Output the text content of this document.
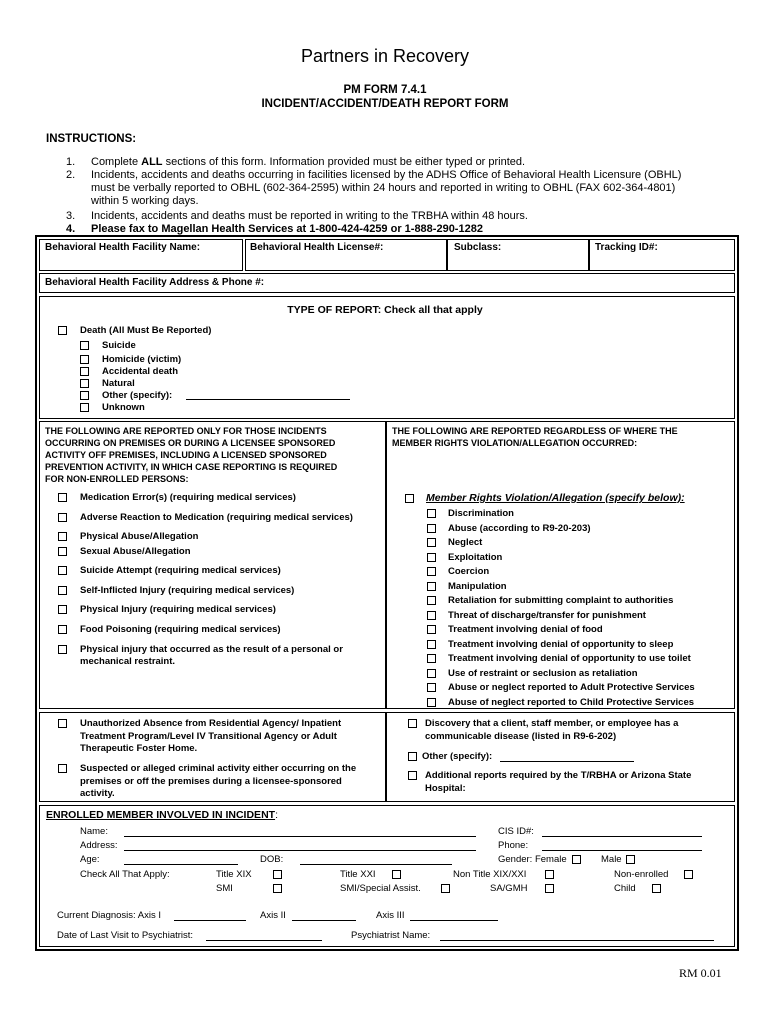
Partners in Recovery
PM FORM 7.4.1
INCIDENT/ACCIDENT/DEATH REPORT FORM
INSTRUCTIONS:
1. Complete ALL sections of this form. Information provided must be either typed or printed.
2. Incidents, accidents and deaths occurring in facilities licensed by the ADHS Office of Behavioral Health Licensure (OBHL)
must be verbally reported to OBHL (602-364-2595) within 24 hours and reported in writing to OBHL (FAX 602-364-4801)
within 5 working days.
3. Incidents, accidents and deaths must be reported in writing to the TRBHA within 48 hours.
4. Please fax to Magellan Health Services at 1-800-424-4259 or 1-888-290-1282
Behavioral Health Facility Name:	Behavioral Health License#:	Subclass:	Tracking ID#:
Behavioral Health Facility Address & Phone #:
TYPE OF REPORT: Check all that apply
Death (All Must Be Reported)
Suicide
Homicide (victim)
Accidental death
Natural
Other (specify):
Unknown
THE FOLLOWING ARE REPORTED ONLY FOR THOSE INCIDENTS
OCCURRING ON PREMISES OR DURING A LICENSEE SPONSORED
ACTIVITY OFF PREMISES, INCLUDING A LICENSED SPONSORED
PREVENTION ACTIVITY, IN WHICH CASE REPORTING IS REQUIRED
FOR NON-ENROLLED PERSONS:
Medication Error(s) (requiring medical services)
Adverse Reaction to Medication (requiring medical services)
Physical Abuse/Allegation
Sexual Abuse/Allegation
Suicide Attempt (requiring medical services)
Self-Inflicted Injury (requiring medical services)
Physical Injury (requiring medical services)
Food Poisoning (requiring medical services)
Physical injury that occurred as the result of a personal or
mechanical restraint.
THE FOLLOWING ARE REPORTED REGARDLESS OF WHERE THE
MEMBER RIGHTS VIOLATION/ALLEGATION OCCURRED:
Member Rights Violation/Allegation (specify below):
Discrimination
Abuse (according to R9-20-203)
Neglect
Exploitation
Coercion
Manipulation
Retaliation for submitting complaint to authorities
Threat of discharge/transfer for punishment
Treatment involving denial of food
Treatment involving denial of opportunity to sleep
Treatment involving denial of opportunity to use toilet
Use of restraint or seclusion as retaliation
Abuse or neglect reported to Adult Protective Services
Abuse of neglect reported to Child Protective Services
Unauthorized Absence from Residential Agency/ Inpatient
Treatment Program/Level IV Transitional Agency or Adult
Therapeutic Foster Home.
Suspected or alleged criminal activity either occurring on the
premises or off the premises during a licensee-sponsored
activity.
Discovery that a client, staff member, or employee has a
communicable disease (listed in R9-6-202)
Other (specify):
Additional reports required by the T/RBHA or Arizona State
Hospital:
ENROLLED MEMBER INVOLVED IN INCIDENT:
Name:	CIS ID#:
Address:	Phone:
Age:	DOB:	Gender: Female	Male
Check All That Apply:	Title XIX	Title XXI	Non Title XIX/XXI	Non-enrolled
SMI	SMI/Special Assist.	SA/GMH	Child
Current Diagnosis: Axis I	Axis II	Axis III
Date of Last Visit to Psychiatrist:	Psychiatrist Name:
RM 0.01
